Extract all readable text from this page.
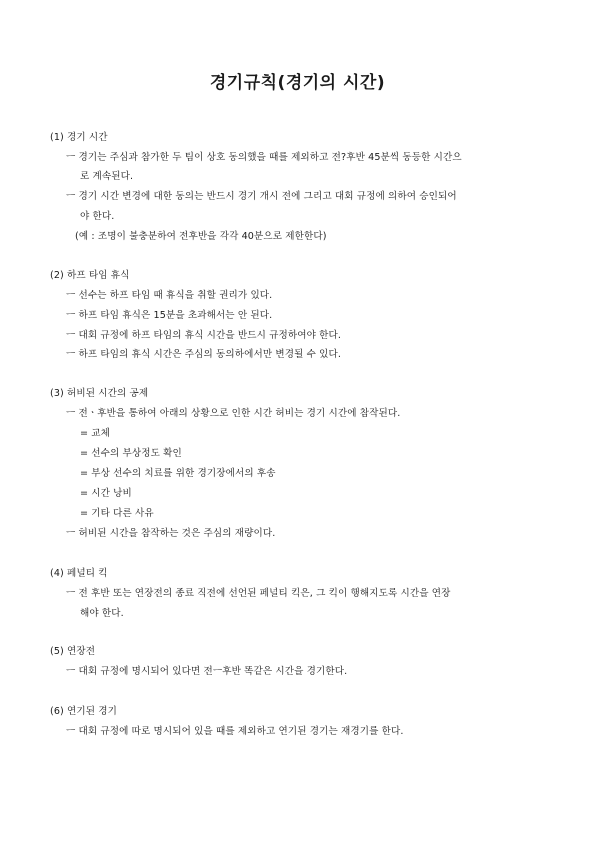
경기규칙(경기의 시간)
(1) 경기 시간
ㅡ 경기는 주심과 참가한 두 팀이 상호 동의했을 때를 제외하고 전?후반 45분씩 동등한 시간으
로 계속된다.
ㅡ 경기 시간 변경에 대한 동의는 반드시 경기 개시 전에 그리고 대회 규정에 의하여 승인되어
야 한다.
(예 : 조명이 불충분하여 전후반을 각각 40분으로 제한한다)
(2) 하프 타임 휴식
ㅡ 선수는 하프 타임 때 휴식을 취할 권리가 있다.
ㅡ 하프 타임 휴식은 15분을 초과해서는 안 된다.
ㅡ 대회 규정에 하프 타임의 휴식 시간을 반드시 규정하여야 한다.
ㅡ 하프 타임의 휴식 시간은 주심의 동의하에서만 변경될 수 있다.
(3) 허비된 시간의 공제
ㅡ 전ㆍ후반을 통하여 아래의 상황으로 인한 시간 허비는 경기 시간에 참작된다.
= 교체
= 선수의 부상정도 확인
= 부상 선수의 치료를 위한 경기장에서의 후송
= 시간 낭비
= 기타 다른 사유
ㅡ 허비된 시간을 참작하는 것은 주심의 재량이다.
(4) 페널티 킥
ㅡ 전 후반 또는 연장전의 종료 직전에 선언된 페널티 킥은, 그 킥이 행해지도록 시간을 연장
해야 한다.
(5) 연장전
ㅡ 대회 규정에 명시되어 있다면 전ㅡ후반 똑같은 시간을 경기한다.
(6) 연기된 경기
ㅡ 대회 규정에 따로 명시되어 있을 때를 제외하고 연기된 경기는 재경기를 한다.
